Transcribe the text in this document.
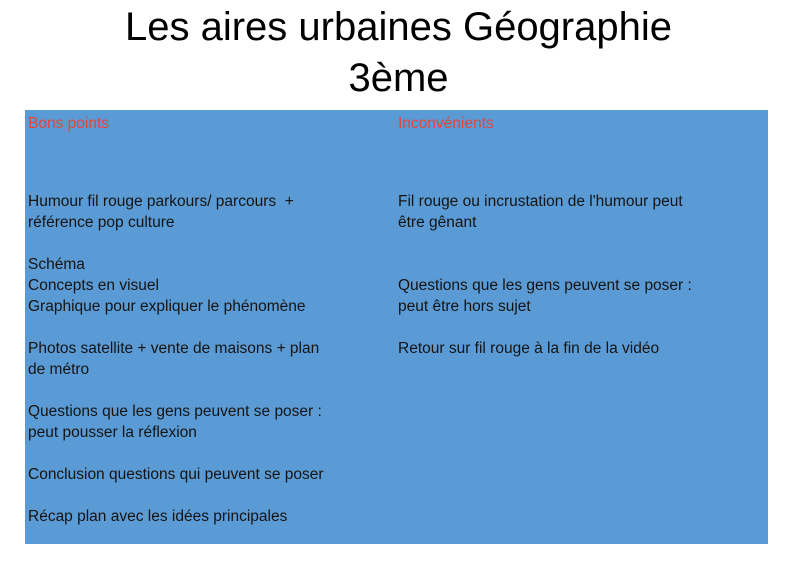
Les aires urbaines Géographie
3ème
Bons points
Humour fil rouge parkours/ parcours  +
référence pop culture

Schéma
Concepts en visuel
Graphique pour expliquer le phénomène

Photos satellite + vente de maisons + plan
de métro

Questions que les gens peuvent se poser :
peut pousser la réflexion

Conclusion questions qui peuvent se poser

Récap plan avec les idées principales
Inconvénients
Fil rouge ou incrustation de l'humour peut
être gênant

Questions que les gens peuvent se poser :
peut être hors sujet

Retour sur fil rouge à la fin de la vidéo
